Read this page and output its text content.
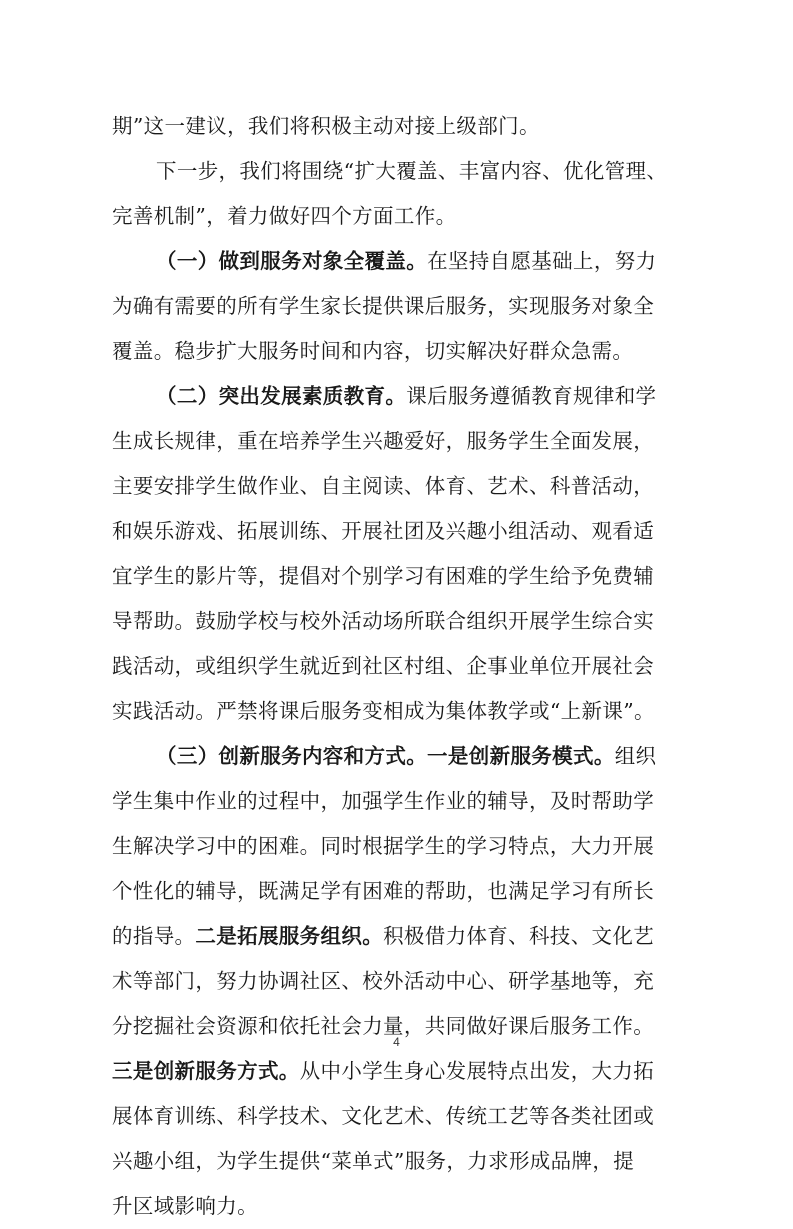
期”这一建议，我们将积极主动对接上级部门。
下一步，我们将围绕“扩大覆盖、丰富内容、优化管理、
完善机制”，着力做好四个方面工作。
（一）做到服务对象全覆盖。在坚持自愿基础上，努力
为确有需要的所有学生家长提供课后服务，实现服务对象全
覆盖。稳步扩大服务时间和内容，切实解决好群众急需。
（二）突出发展素质教育。课后服务遵循教育规律和学
生成长规律，重在培养学生兴趣爱好，服务学生全面发展，
主要安排学生做作业、自主阅读、体育、艺术、科普活动，
和娱乐游戏、拓展训练、开展社团及兴趣小组活动、观看适
宜学生的影片等，提倡对个别学习有困难的学生给予免费辅
导帮助。鼓励学校与校外活动场所联合组织开展学生综合实
践活动，或组织学生就近到社区村组、企事业单位开展社会
实践活动。严禁将课后服务变相成为集体教学或“上新课”。
（三）创新服务内容和方式。一是创新服务模式。组织
学生集中作业的过程中，加强学生作业的辅导，及时帮助学
生解决学习中的困难。同时根据学生的学习特点，大力开展
个性化的辅导，既满足学有困难的帮助，也满足学习有所长
的指导。二是拓展服务组织。积极借力体育、科技、文化艺
术等部门，努力协调社区、校外活动中心、研学基地等，充
分挖掘社会资源和依托社会力量，共同做好课后服务工作。
三是创新服务方式。从中小学生身心发展特点出发，大力拓
展体育训练、科学技术、文化艺术、传统工艺等各类社团或
兴趣小组，为学生提供“菜单式”服务，力求形成品牌，提
升区域影响力。
4
